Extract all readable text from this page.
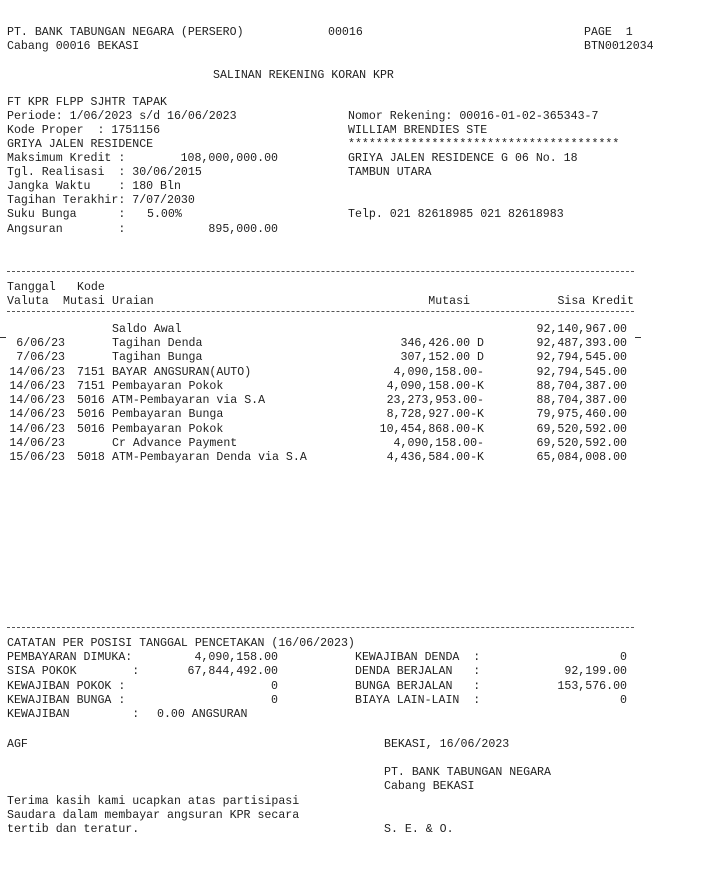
PT. BANK TABUNGAN NEGARA (PERSERO)
Cabang 00016 BEKASI
00016	PAGE  1
BTN0012034
SALINAN REKENING KORAN KPR
FT KPR FLPP SJHTR TAPAK
Periode: 1/06/2023 s/d 16/06/2023
Kode Proper  : 1751156
GRIYA JALEN RESIDENCE
Maksimum Kredit :	108,000,000.00
Tgl. Realisasi  : 30/06/2015
Jangka Waktu    : 180 Bln
Tagihan Terakhir: 7/07/2030
Suku Bunga      : 5.00%
Angsuran        :	895,000.00
Nomor Rekening: 00016-01-02-365343-7
WILLIAM BRENDIES STE
***************************************
GRIYA JALEN RESIDENCE G 06 No. 18
TAMBUN UTARA
Telp. 021 82618985 021 82618983
Tanggal Kode
Valuta Mutasi Uraian	Mutasi	Sisa Kredit
Saldo Awal	92,140,967.00
6/06/23	Tagihan Denda	346,426.00 D	92,487,393.00
7/06/23	Tagihan Bunga	307,152.00 D	92,794,545.00
14/06/23 7151 BAYAR ANGSURAN(AUTO)	4,090,158.00-	92,794,545.00
14/06/23 7151 Pembayaran Pokok	4,090,158.00-K	88,704,387.00
14/06/23 5016 ATM-Pembayaran via S.A	23,273,953.00-	88,704,387.00
14/06/23 5016 Pembayaran Bunga	8,728,927.00-K	79,975,460.00
14/06/23 5016 Pembayaran Pokok	10,454,868.00-K	69,520,592.00
14/06/23	Cr Advance Payment	4,090,158.00-	69,520,592.00
15/06/23 5018 ATM-Pembayaran Denda via S.A	4,436,584.00-K	65,084,008.00
CATATAN PER POSISI TANGGAL PENCETAKAN (16/06/2023)
PEMBAYARAN DIMUKA:	4,090,158.00
SISA POKOK        :	67,844,492.00
KEWAJIBAN POKOK :	0
KEWAJIBAN BUNGA :	0
KEWAJIBAN         : 0.00 ANGSURAN
KEWAJIBAN DENDA  :	0
DENDA BERJALAN   :	92,199.00
BUNGA BERJALAN   :	153,576.00
BIAYA LAIN-LAIN  :	0
AGF	BEKASI, 16/06/2023
PT. BANK TABUNGAN NEGARA
Cabang BEKASI
Terima kasih kami ucapkan atas partisipasi
Saudara dalam membayar angsuran KPR secara
tertib dan teratur.	S. E. & O.
